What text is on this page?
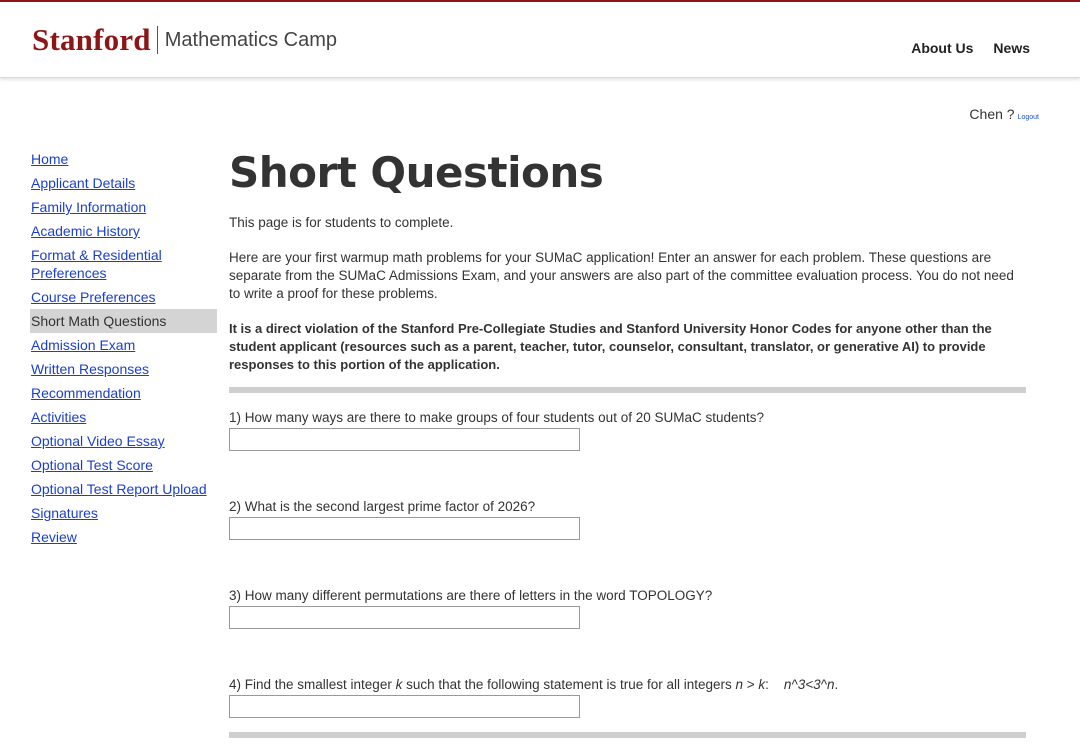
Stanford Mathematics Camp	About Us News
Chen ? Logout
Home
Applicant Details
Family Information
Academic History
Format & Residential Preferences
Course Preferences
Short Math Questions
Admission Exam
Written Responses
Recommendation
Activities
Optional Video Essay
Optional Test Score
Optional Test Report Upload
Signatures
Review
Short Questions

This page is for students to complete.

Here are your first warmup math problems for your SUMaC application! Enter an answer for each problem. These questions are separate from the SUMaC Admissions Exam, and your answers are also part of the committee evaluation process. You do not need to write a proof for these problems.

It is a direct violation of the Stanford Pre-Collegiate Studies and Stanford University Honor Codes for anyone other than the student applicant (resources such as a parent, teacher, tutor, counselor, consultant, translator, or generative AI) to provide responses to this portion of the application.

1) How many ways are there to make groups of four students out of 20 SUMaC students?
2) What is the second largest prime factor of 2026?
3) How many different permutations are there of letters in the word TOPOLOGY?
4) Find the smallest integer k such that the following statement is true for all integers n > k:    n^3<3^n.
